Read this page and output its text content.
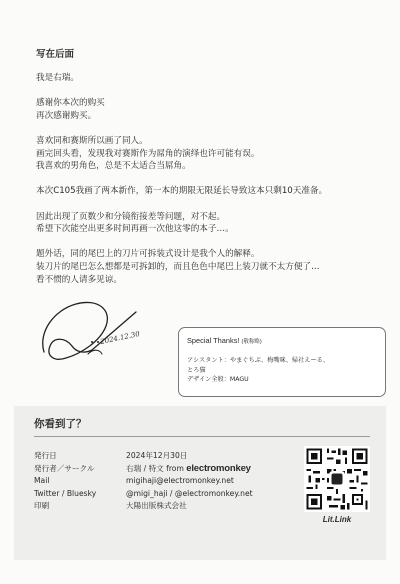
写在后面

我是右瑞。

感谢你本次的购买
再次感谢购买。

喜欢同和赛斯所以画了同人。
画完回头看，发现我对赛斯作为屌角的演绎也许可能有误。
我喜欢的男角色，总是不太适合当屌角。

本次C105我画了两本新作，第一本的期限无限延长导致这本只剩10天准备。

因此出现了页数少和分镜衔接差等问题，对不起。
希望下次能空出更多时间再画一次他这零的本子…。

题外话，同的尾巴上的刀片可拆装式设计是我个人的解释。
装刀片的尾巴怎么想都是可拆卸的，而且色色中尾巴上装刀就不太方便了…
看不惯的人请多见谅。

2024.12.30	Special Thanks! (敬称略)
アシスタント：やまぐちぷ、梅嘴咪、帰社えーる、
とろ猫
デザイン全般：MAGU
你看到了？
発行日
発行者／サークル
Mail
Twitter / Bluesky
印刷
2024年12月30日
右瑞 / 特文 from electromonkey
migihaji@electromonkey.net
@migi_haji / @electromonkey.net
大陽出版株式会社
Lit.Link
